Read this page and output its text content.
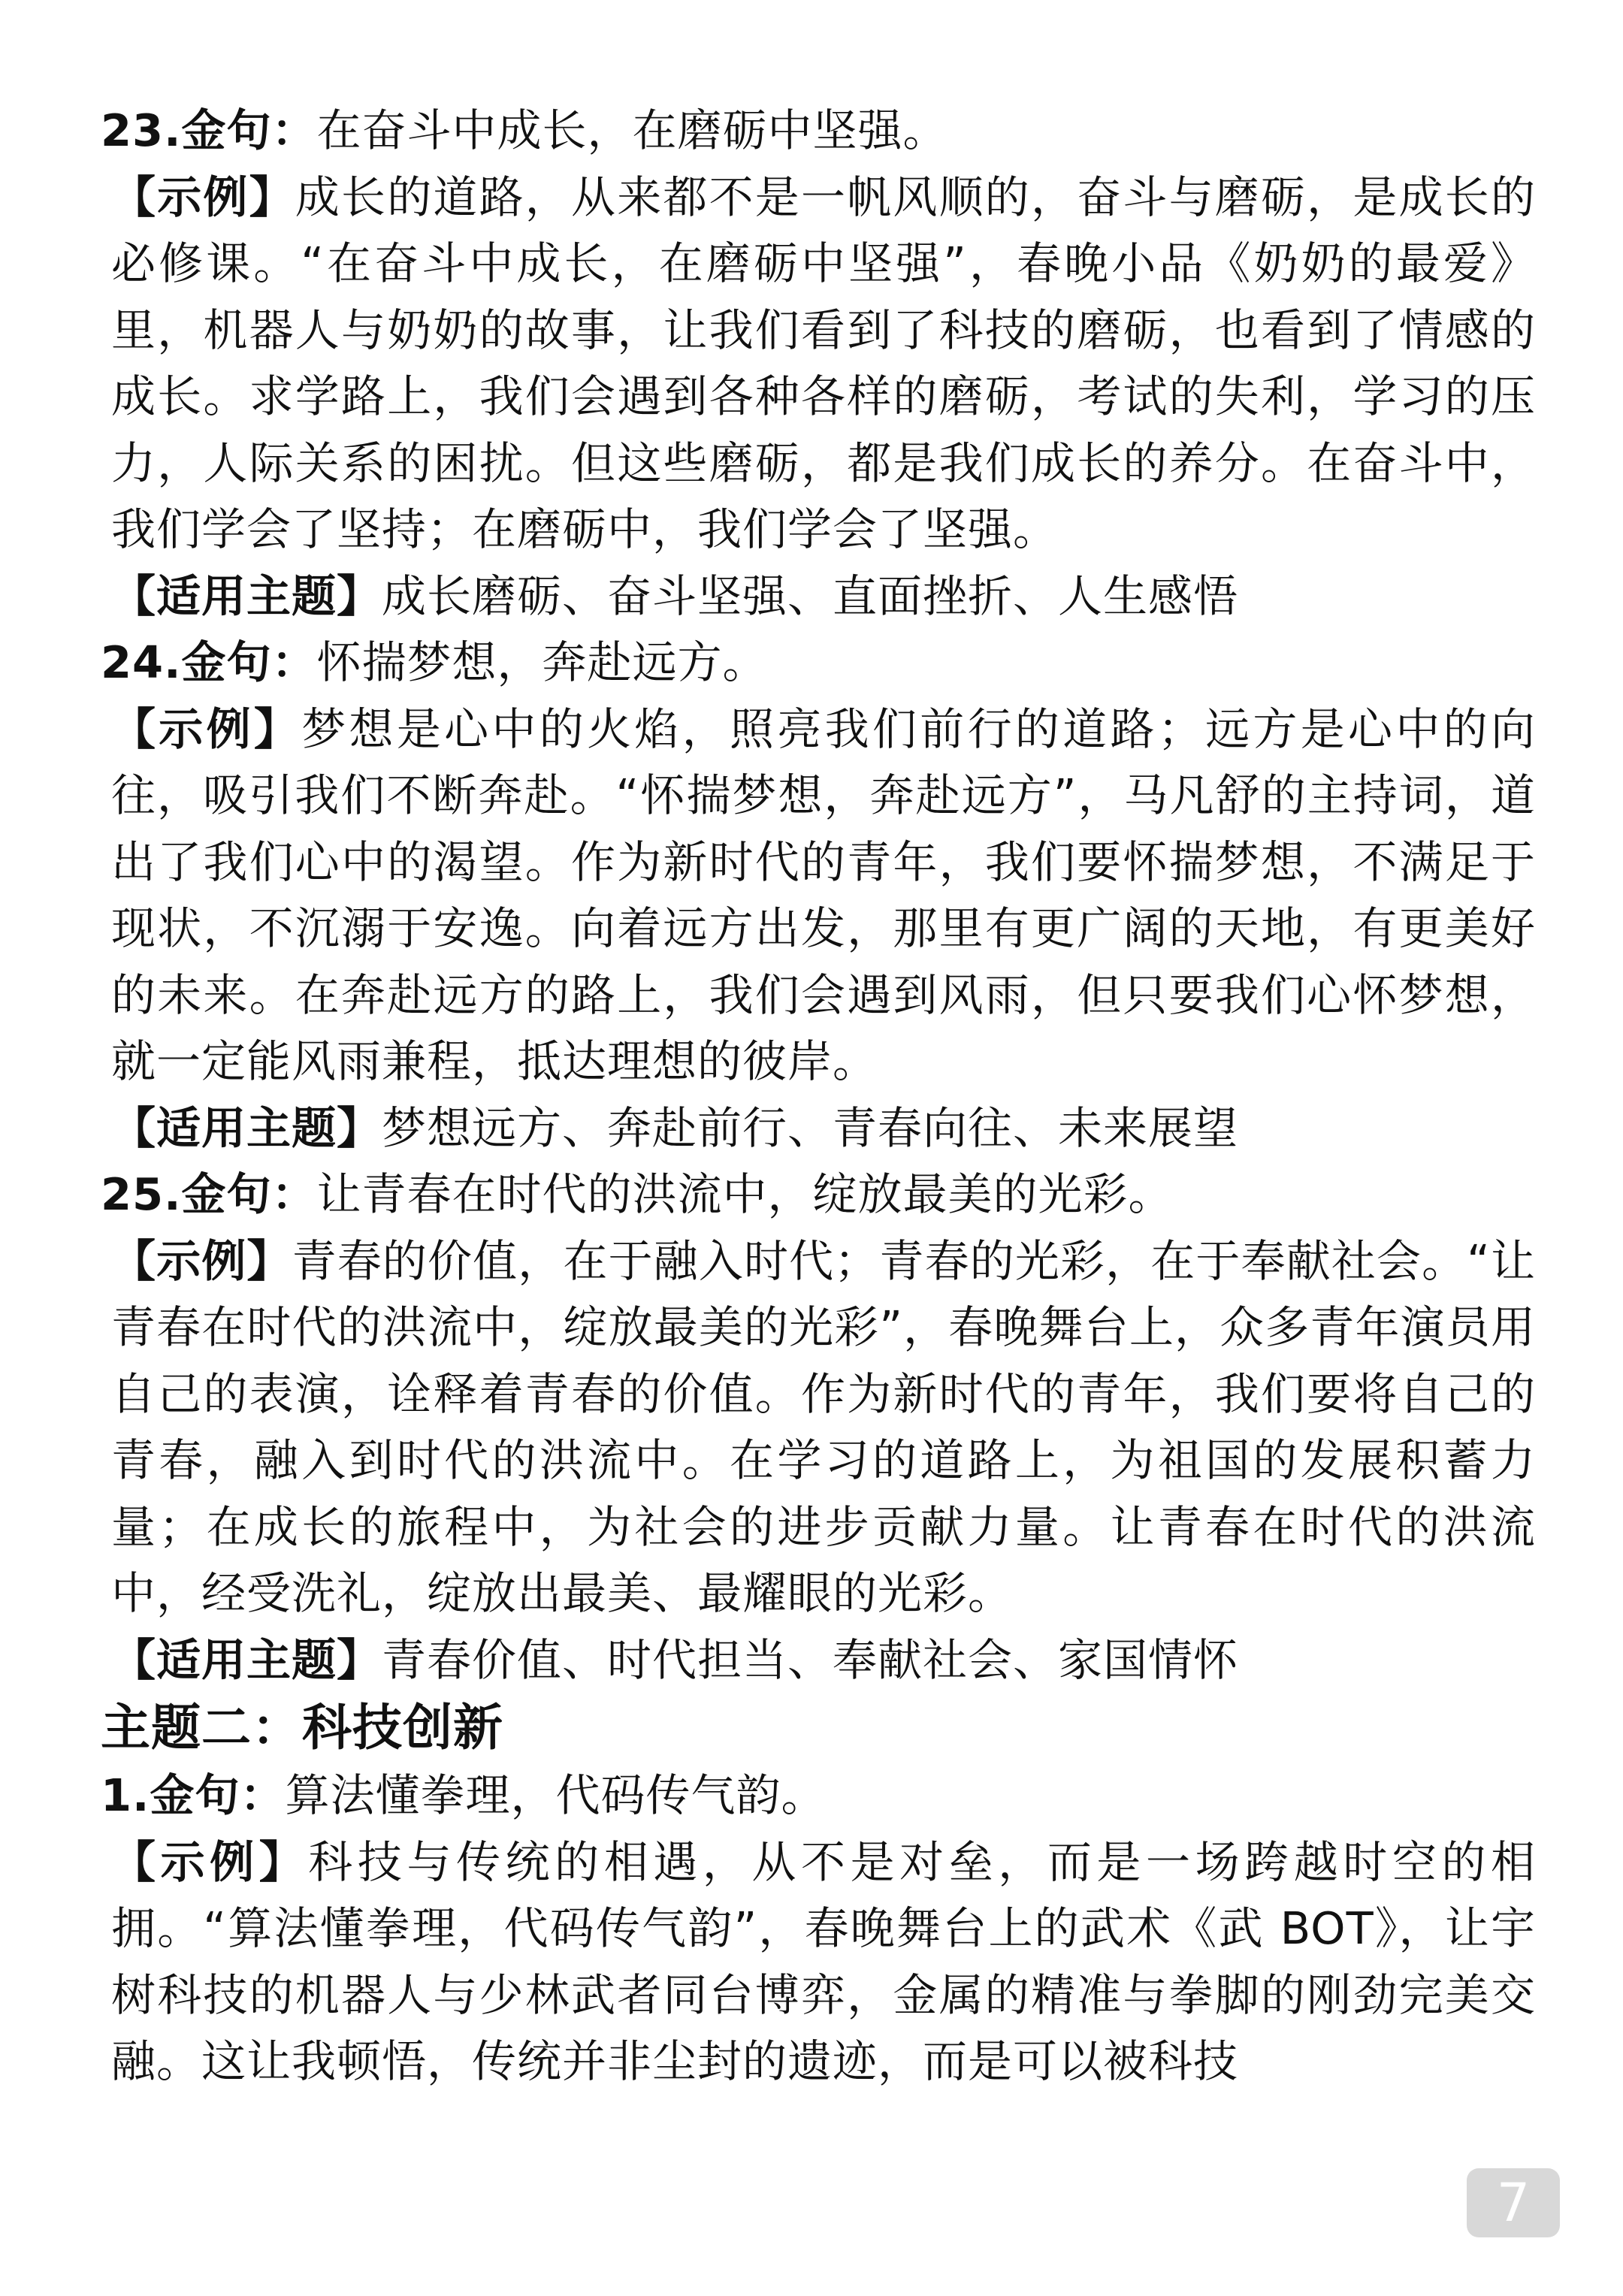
23.金句：在奋斗中成长，在磨砺中坚强。

【示例】成长的道路，从来都不是一帆风顺的，奋斗与磨砺，是成长的必修课。“在奋斗中成长，在磨砺中坚强”，春晚小品《奶奶的最爱》里，机器人与奶奶的故事，让我们看到了科技的磨砺，也看到了情感的成长。求学路上，我们会遇到各种各样的磨砺，考试的失利，学习的压力，人际关系的困扰。但这些磨砺，都是我们成长的养分。在奋斗中，我们学会了坚持；在磨砺中，我们学会了坚强。

【适用主题】成长磨砺、奋斗坚强、直面挫折、人生感悟

24.金句：怀揣梦想，奔赴远方。

【示例】梦想是心中的火焰，照亮我们前行的道路；远方是心中的向往，吸引我们不断奔赴。“怀揣梦想，奔赴远方”，马凡舒的主持词，道出了我们心中的渴望。作为新时代的青年，我们要怀揣梦想，不满足于现状，不沉溺于安逸。向着远方出发，那里有更广阔的天地，有更美好的未来。在奔赴远方的路上，我们会遇到风雨，但只要我们心怀梦想，就一定能风雨兼程，抵达理想的彼岸。

【适用主题】梦想远方、奔赴前行、青春向往、未来展望

25.金句：让青春在时代的洪流中，绽放最美的光彩。

【示例】青春的价值，在于融入时代；青春的光彩，在于奉献社会。“让青春在时代的洪流中，绽放最美的光彩”，春晚舞台上，众多青年演员用自己的表演，诠释着青春的价值。作为新时代的青年，我们要将自己的青春，融入到时代的洪流中。在学习的道路上，为祖国的发展积蓄力量；在成长的旅程中，为社会的进步贡献力量。让青春在时代的洪流中，经受洗礼，绽放出最美、最耀眼的光彩。

【适用主题】青春价值、时代担当、奉献社会、家国情怀

主题二：科技创新

1.金句：算法懂拳理，代码传气韵。

【示例】科技与传统的相遇，从不是对垒，而是一场跨越时空的相拥。“算法懂拳理，代码传气韵”，春晚舞台上的武术《武 BOT》，让宇树科技的机器人与少林武者同台博弈，金属的精准与拳脚的刚劲完美交融。这让我顿悟，传统并非尘封的遗迹，而是可以被科技

7
